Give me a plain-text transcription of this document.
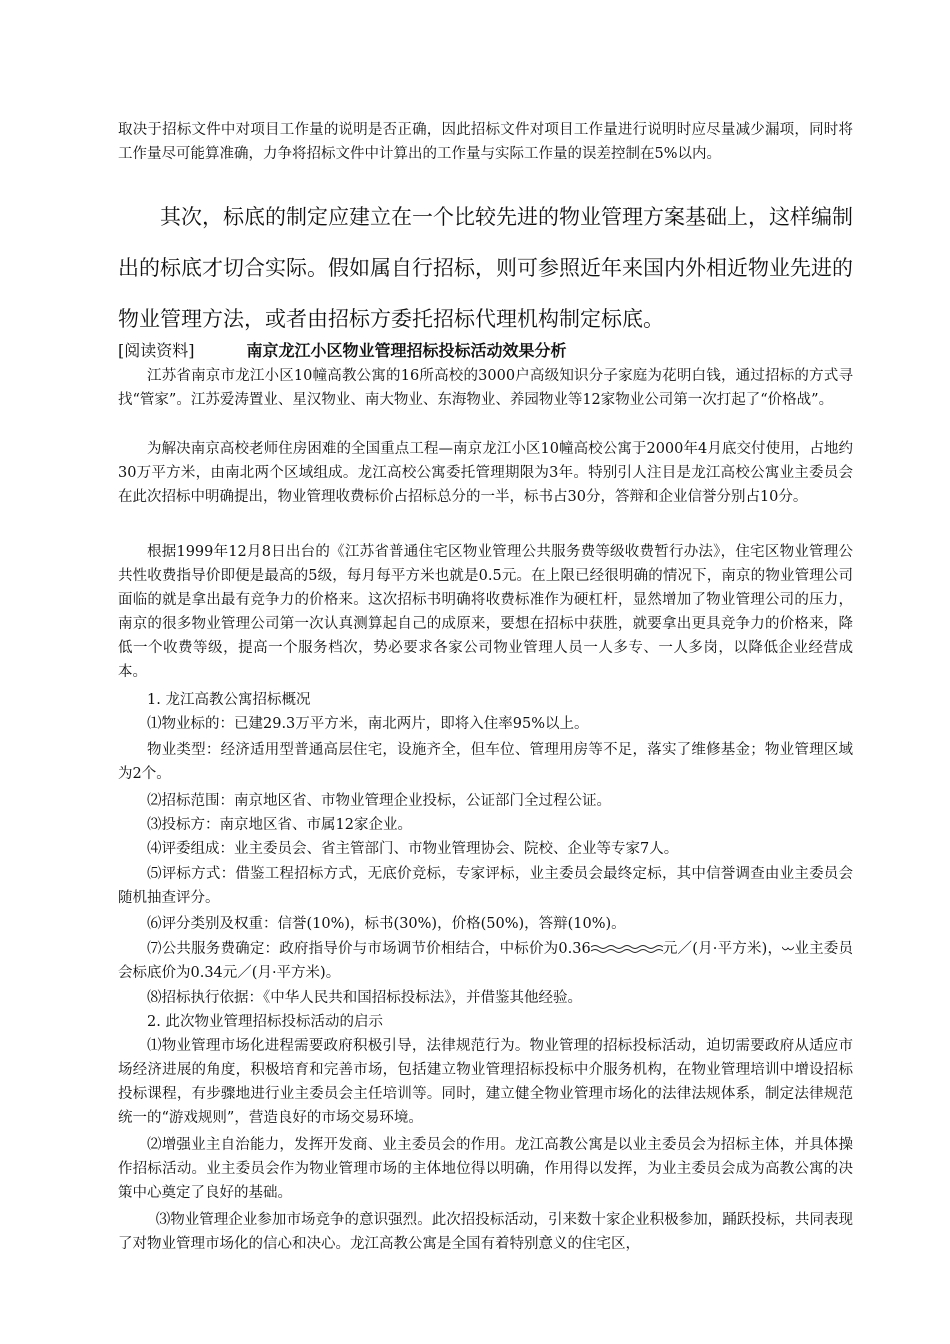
取决于招标文件中对项目工作量的说明是否正确，因此招标文件对项目工作量进行说明时应尽量减少漏项，同时将工作量尽可能算准确，力争将招标文件中计算出的工作量与实际工作量的误差控制在5%以内。

其次，标底的制定应建立在一个比较先进的物业管理方案基础上，这样编制出的标底才切合实际。假如属自行招标，则可参照近年来国内外相近物业先进的物业管理方法，或者由招标方委托招标代理机构制定标底。

[阅读资料]	南京龙江小区物业管理招标投标活动效果分析

江苏省南京市龙江小区10幢高教公寓的16所高校的3000户高级知识分子家庭为花明白钱，通过招标的方式寻找“管家”。江苏爱涛置业、星汉物业、南大物业、东海物业、养园物业等12家物业公司第一次打起了“价格战”。

为解决南京高校老师住房困难的全国重点工程—南京龙江小区10幢高校公寓于2000年4月底交付使用，占地约30万平方米，由南北两个区域组成。龙江高校公寓委托管理期限为3年。特别引人注目是龙江高校公寓业主委员会在此次招标中明确提出，物业管理收费标价占招标总分的一半，标书占30分，答辩和企业信誉分别占10分。

根据1999年12月8日出台的《江苏省普通住宅区物业管理公共服务费等级收费暂行办法》，住宅区物业管理公共性收费指导价即便是最高的5级，每月每平方米也就是0.5元。在上限已经很明确的情况下，南京的物业管理公司面临的就是拿出最有竞争力的价格来。这次招标书明确将收费标准作为硬杠杆，显然增加了物业管理公司的压力，南京的很多物业管理公司第一次认真测算起自己的成原来，要想在招标中获胜，就要拿出更具竞争力的价格来，降低一个收费等级，提高一个服务档次，势必要求各家公司物业管理人员一人多专、一人多岗，以降低企业经营成本。

1. 龙江高教公寓招标概况

⑴物业标的：已建29.3万平方米，南北两片，即将入住率95%以上。

物业类型：经济适用型普通高层住宅，设施齐全，但车位、管理用房等不足，落实了维修基金；物业管理区域为2个。

⑵招标范围：南京地区省、市物业管理企业投标，公证部门全过程公证。

⑶投标方：南京地区省、市属12家企业。

⑷评委组成：业主委员会、省主管部门、市物业管理协会、院校、企业等专家7人。

⑸评标方式：借鉴工程招标方式，无底价竞标，专家评标，业主委员会最终定标，其中信誉调查由业主委员会随机抽查评分。

⑹评分类别及权重：信誉(10%)，标书(30%)，价格(50%)，答辩(10%)。

⑺公共服务费确定：政府指导价与市场调节价相结合，中标价为0.36	元／(月·平方米)， 业主委员会标底价为0.34元／(月·平方米)。

⑻招标执行依据：《中华人民共和国招标投标法》，并借鉴其他经验。

2. 此次物业管理招标投标活动的启示

⑴物业管理市场化进程需要政府积极引导，法律规范行为。物业管理的招标投标活动，迫切需要政府从适应市场经济进展的角度，积极培育和完善市场，包括建立物业管理招标投标中介服务机构，在物业管理培训中增设招标投标课程，有步骤地进行业主委员会主任培训等。同时，建立健全物业管理市场化的法律法规体系，制定法律规范统一的“游戏规则”，营造良好的市场交易环境。

⑵增强业主自治能力，发挥开发商、业主委员会的作用。龙江高教公寓是以业主委员会为招标主体，并具体操作招标活动。业主委员会作为物业管理市场的主体地位得以明确，作用得以发挥，为业主委员会成为高教公寓的决策中心奠定了良好的基础。

⑶物业管理企业参加市场竞争的意识强烈。此次招投标活动，引来数十家企业积极参加，踊跃投标，共同表现了对物业管理市场化的信心和决心。龙江高教公寓是全国有着特别意义的住宅区，
